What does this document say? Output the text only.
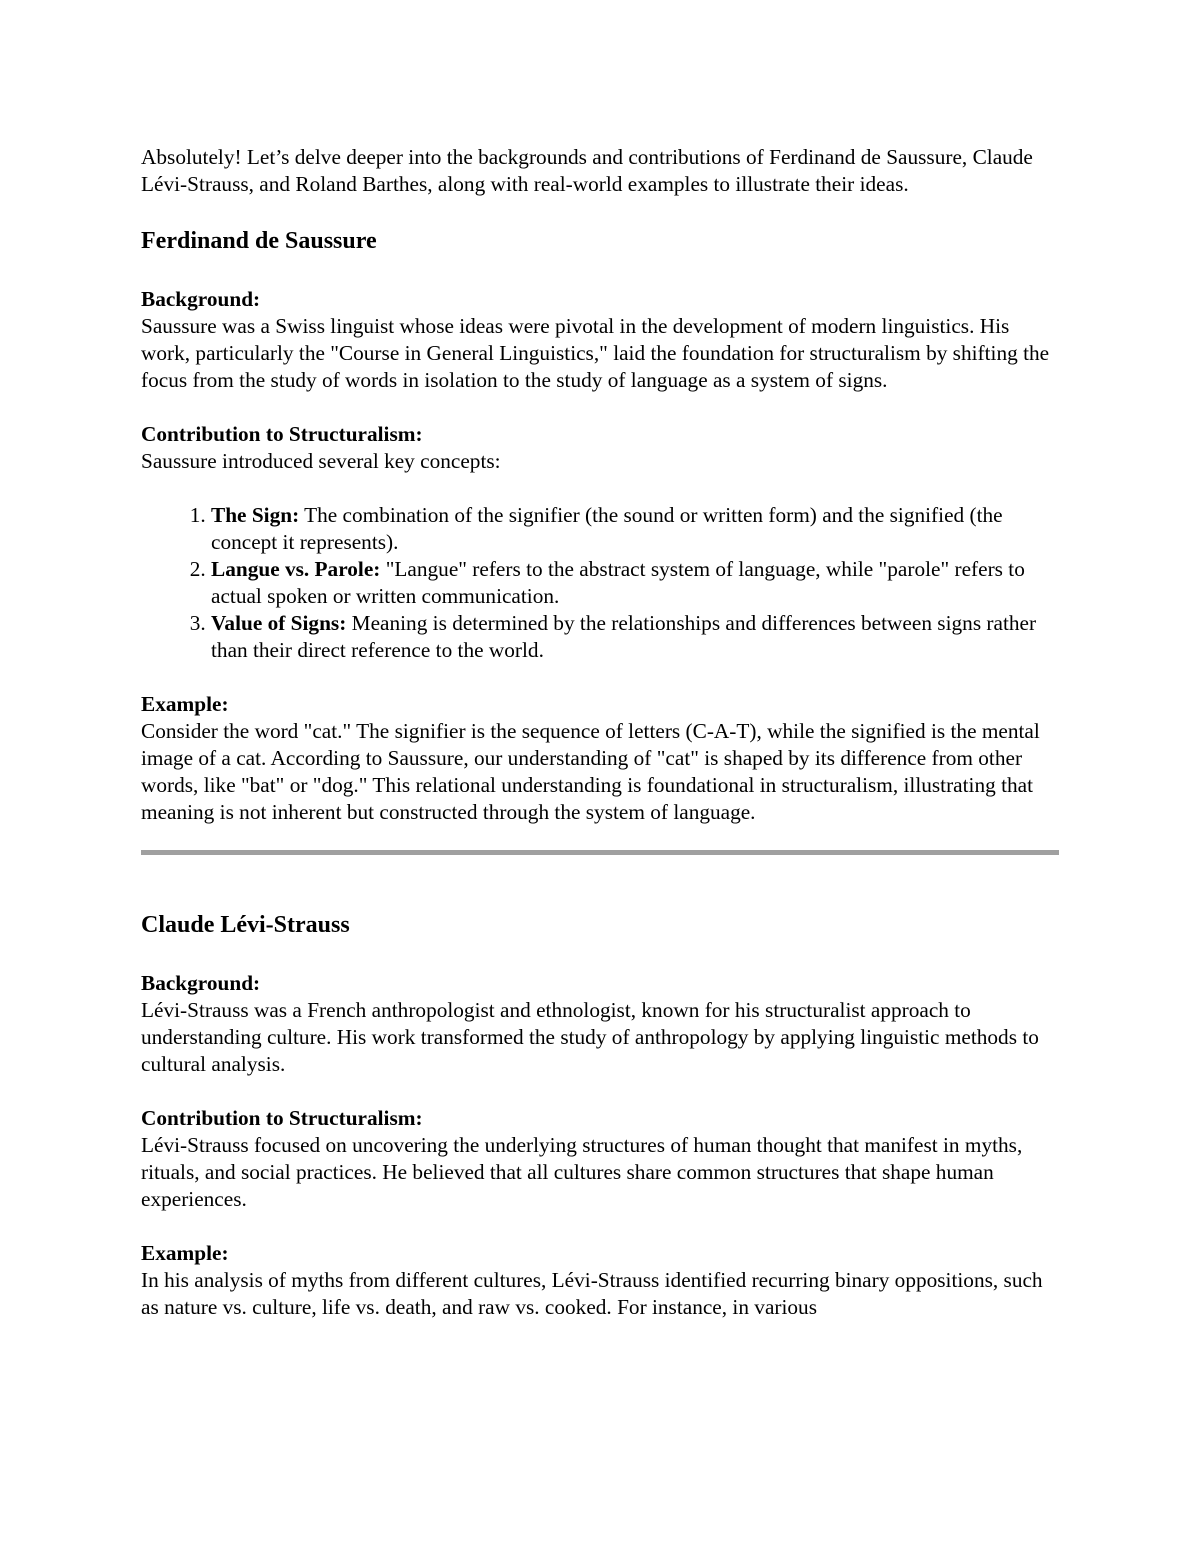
Absolutely! Let’s delve deeper into the backgrounds and contributions of Ferdinand de Saussure, Claude Lévi-Strauss, and Roland Barthes, along with real-world examples to illustrate their ideas.

Ferdinand de Saussure
Background:
Saussure was a Swiss linguist whose ideas were pivotal in the development of modern linguistics. His work, particularly the "Course in General Linguistics," laid the foundation for structuralism by shifting the focus from the study of words in isolation to the study of language as a system of signs.
Contribution to Structuralism:
Saussure introduced several key concepts:
1. The Sign: The combination of the signifier (the sound or written form) and the signified (the concept it represents).
2. Langue vs. Parole: "Langue" refers to the abstract system of language, while "parole" refers to actual spoken or written communication.
3. Value of Signs: Meaning is determined by the relationships and differences between signs rather than their direct reference to the world.
Example:
Consider the word "cat." The signifier is the sequence of letters (C-A-T), while the signified is the mental image of a cat. According to Saussure, our understanding of "cat" is shaped by its difference from other words, like "bat" or "dog." This relational understanding is foundational in structuralism, illustrating that meaning is not inherent but constructed through the system of language.
Claude Lévi-Strauss
Background:
Lévi-Strauss was a French anthropologist and ethnologist, known for his structuralist approach to understanding culture. His work transformed the study of anthropology by applying linguistic methods to cultural analysis.
Contribution to Structuralism:
Lévi-Strauss focused on uncovering the underlying structures of human thought that manifest in myths, rituals, and social practices. He believed that all cultures share common structures that shape human experiences.
Example:
In his analysis of myths from different cultures, Lévi-Strauss identified recurring binary oppositions, such as nature vs. culture, life vs. death, and raw vs. cooked. For instance, in various
